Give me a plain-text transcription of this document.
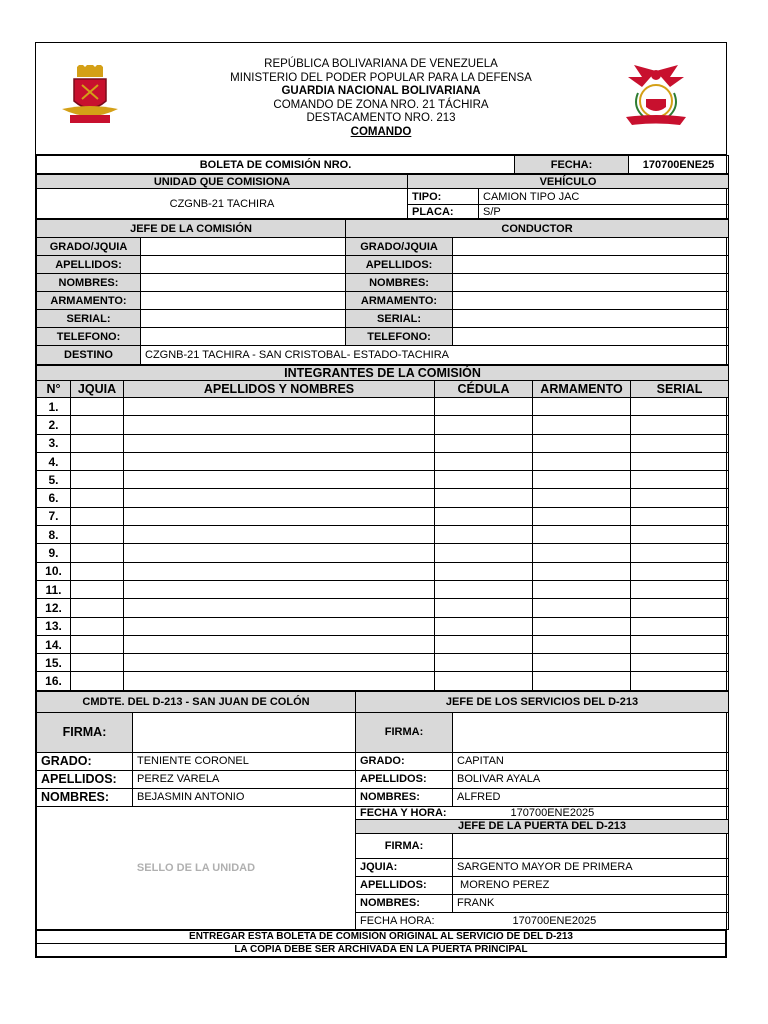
REPÚBLICA BOLIVARIANA DE VENEZUELA
MINISTERIO DEL PODER POPULAR PARA LA DEFENSA
GUARDIA NACIONAL BOLIVARIANA
COMANDO DE ZONA NRO. 21 TÁCHIRA
DESTACAMENTO NRO. 213
COMANDO
BOLETA DE COMISIÓN NRO.	FECHA:	170700ENE25
UNIDAD QUE COMISIONA	VEHÍCULO	
CZGNB-21 TACHIRA	TIPO:	CAMION TIPO JAC
	PLACA:	S/P
JEFE DE LA COMISIÓN		CONDUCTOR	
GRADO/JQUIA		GRADO/JQUIA	
APELLIDOS:		APELLIDOS:	
NOMBRES:		NOMBRES:	
ARMAMENTO:		ARMAMENTO:	
SERIAL:		SERIAL:	
TELEFONO:		TELEFONO:	
DESTINO	CZGNB-21 TACHIRA - SAN CRISTOBAL- ESTADO-TACHIRA		
INTEGRANTES DE LA COMISIÓN					
N°	JQUIA	APELLIDOS Y NOMBRES	CÉDULA	ARMAMENTO	SERIAL
1.					
2.					
3.					
4.					
5.					
6.					
7.					
8.					
9.					
10.					
11.					
12.					
13.					
14.					
15.					
16.					
CMDTE. DEL D-213 - SAN JUAN DE COLÓN		JEFE DE LOS SERVICIOS DEL D-213	
FIRMA:		FIRMA:	
GRADO:	TENIENTE CORONEL	GRADO:	CAPITAN
APELLIDOS:	PEREZ VARELA	APELLIDOS:	BOLIVAR AYALA
NOMBRES:	BEJASMIN ANTONIO	NOMBRES:	ALFRED
SELLO DE LA UNIDAD		FECHA Y HORA:	170700ENE2025
		JEFE DE LA PUERTA DEL D-213	
		FIRMA:	
		JQUIA:	SARGENTO MAYOR DE PRIMERA
		APELLIDOS:	MORENO PEREZ
		NOMBRES:	FRANK
		FECHA HORA:	170700ENE2025
ENTREGAR ESTA BOLETA DE COMISIÓN ORIGINAL AL SERVICIO DE DEL D-213
LA COPIA DEBE SER ARCHIVADA EN LA PUERTA PRINCIPAL
